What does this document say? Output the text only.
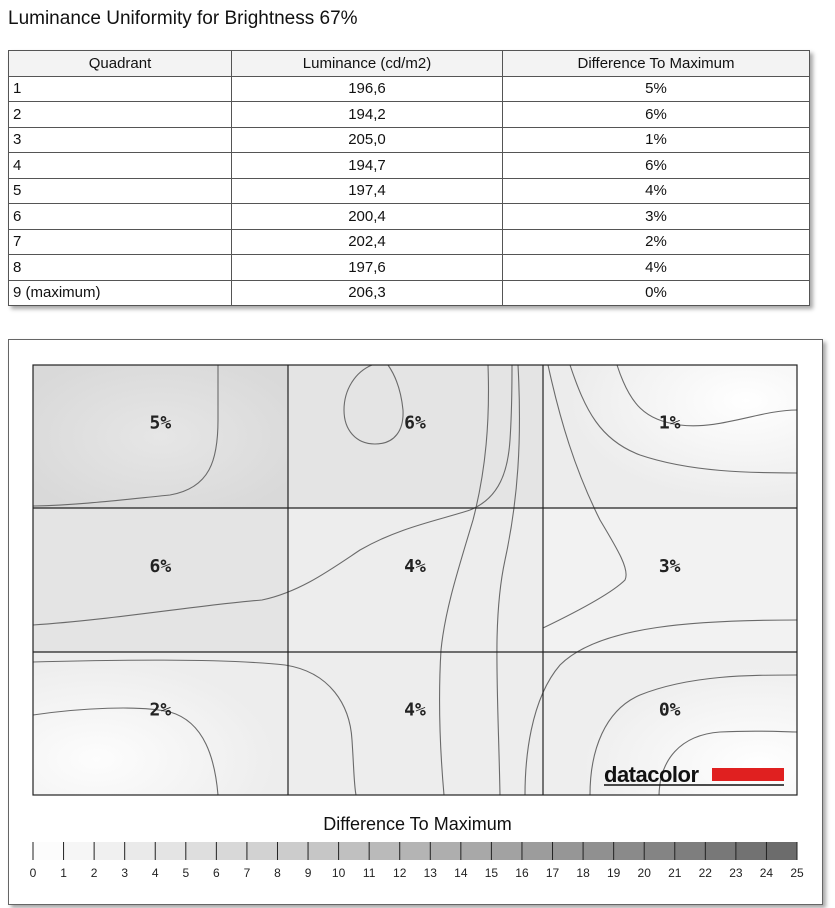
Luminance Uniformity for Brightness 67%
Quadrant	Luminance (cd/m2)	Difference To Maximum
1	196,6	5%
2	194,2	6%
3	205,0	1%
4	194,7	6%
5	197,4	4%
6	200,4	3%
7	202,4	2%
8	197,6	4%
9 (maximum)	206,3	0%
5%	6%	1%
6%	4%	3%
2%	4%	0%
0 1 2 3 4 5 6 7 8 9 10 11 12 13 14 15 16 17 18 19 20 21 22 23 24 25
datacolor
Difference To Maximum
